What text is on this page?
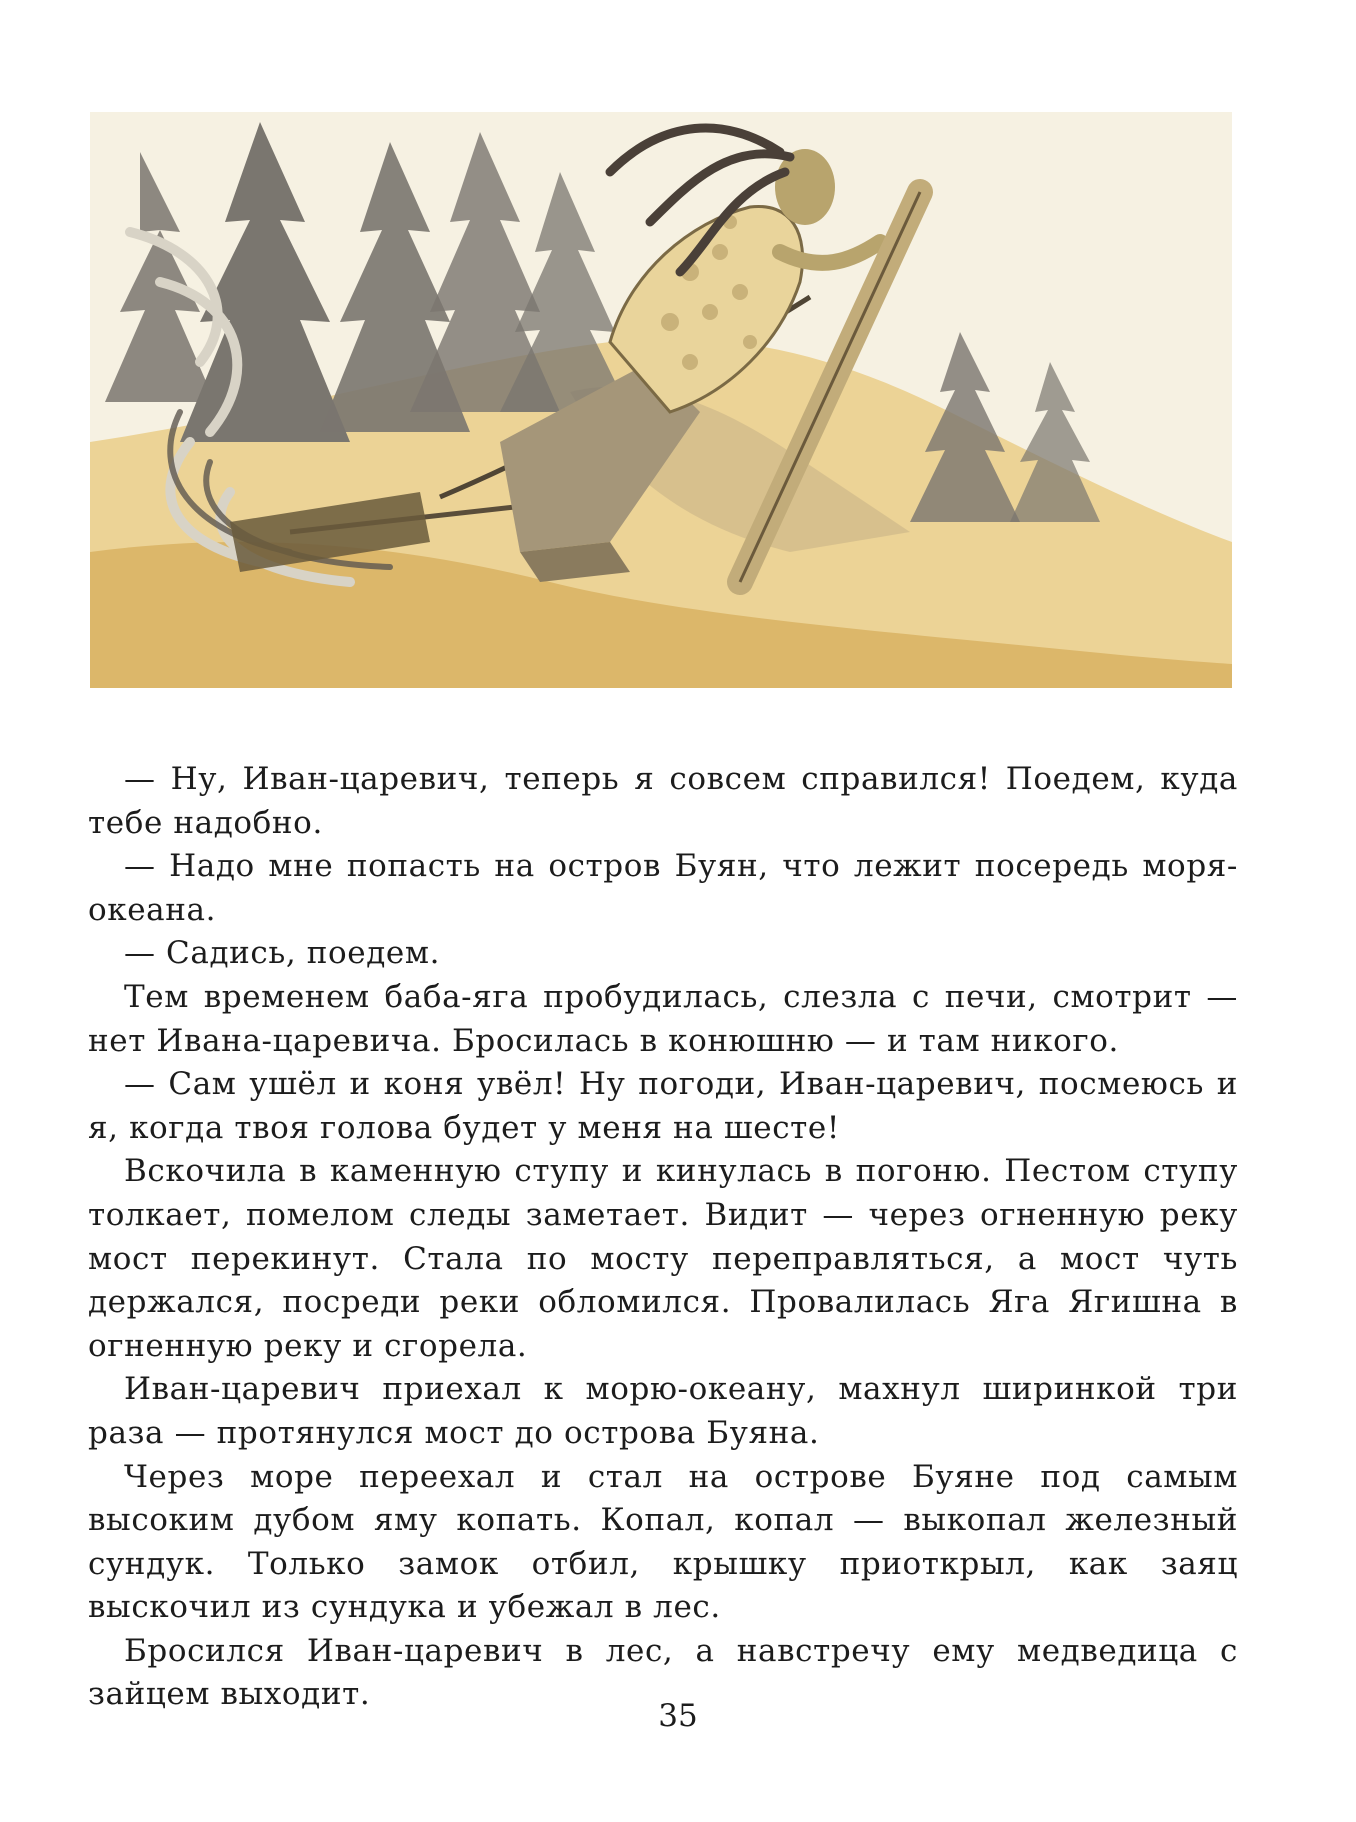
— Ну, Иван-царевич, теперь я совсем справился! Поедем, куда тебе надобно.

— Надо мне попасть на остров Буян, что лежит посередь моря-океана.

— Садись, поедем.

Тем временем баба-яга пробудилась, слезла с печи, смотрит — нет Ивана-царевича. Бросилась в конюшню — и там никого.

— Сам ушёл и коня увёл! Ну погоди, Иван-царевич, посмеюсь и я, когда твоя голова будет у меня на шесте!

Вскочила в каменную ступу и кинулась в погоню. Пестом ступу толкает, помелом следы заметает. Видит — через огненную реку мост перекинут. Стала по мосту переправляться, а мост чуть держался, посреди реки обломился. Провалилась Яга Ягишна в огненную реку и сгорела.

Иван-царевич приехал к морю-океану, махнул ширинкой три раза — протянулся мост до острова Буяна.

Через море переехал и стал на острове Буяне под самым высоким дубом яму копать. Копал, копал — выкопал железный сундук. Только замок отбил, крышку приоткрыл, как заяц выскочил из сундука и убежал в лес.

Бросился Иван-царевич в лес, а навстречу ему медведица с зайцем выходит.

35
